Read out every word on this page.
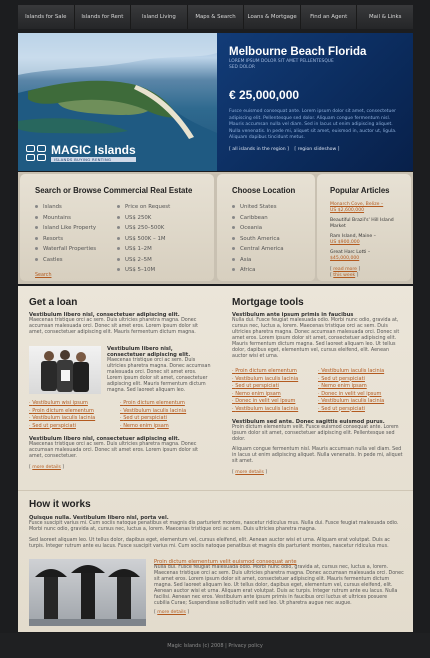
Islands for Sale	Islands for Rent	Island Living	Maps & Search	Loans & Mortgage	Find an Agent	Mail & Links
MAGIC Islands
ISLANDS BUYING RENTING
Melbourne Beach Florida
LOREM IPSUM DOLOR SIT AMET PELLENTESQUE
SED DOLOR
€ 25,000,000
Fusce euismod consequat ante. Lorem ipsum dolor sit amet, consectetuer adipiscing elit. Pellentesque sed dolor. Aliquam congue fermentum nisl. Mauris accumsan nulla vel diam. Sed in lacus ut enim adipiscing aliquet. Nulla venenatis. In pede mi, aliquet sit amet, euismod in, auctor ut, ligula. Aliquam dapibus tincidunt metus.
[ all islands in the region ] [ region slideshow ]
Search or Browse Commercial Real Estate
Islands
Mountains
Island Like Property
Resorts
Waterfall Properties
Castles
Price on Request
US$ 250K
US$ 250–500K
US$ 500K – 1M
US$ 1–2M
US$ 2–5M
US$ 5–10M
Search
Choose Location
United States
Caribbean
Oceania
South America
Central America
Asia
Africa
Popular Articles
Monarch Cove, Belize –
US $2,600,000
Beautiful Brazil's' Hill Island Market
Ram Island, Maine –
US $900,000
Great Harc Lotti – $45,000,000
[ read more ] [ this week ]
Get a loan
Vestibulum libero nisl, consectetuer adipiscing elit.
Maecenas tristique orci ac sem. Duis ultricies pharetra magna. Donec accumsan malesuada orci. Donec sit amet eros. Lorem ipsum dolor sit amet, consectetuer adipiscing elit. Mauris fermentum dictum magna.
Vestibulum libero nisl, consectetuer adipiscing elit.
Maecenas tristique orci ac sem. Duis ultricies pharetra magna. Donec accumsan malesuada orci. Donec sit amet eros. Lorem ipsum dolor sit amet, consectetuer adipiscing elit. Mauris fermentum dictum magna. Sed laoreet aliquam leo.
· Vestibulum wisi ipsum
· Proin dictum elementum
· Vestibulum iaculis lacinia
· Sed ut perspiciati
· Proin dictum elementum
· Vestibulum iaculis lacinia
· Sed ut perspiciati
· Nemo enim ipsam
Vestibulum libero nisl, consectetuer adipiscing elit.
Maecenas tristique orci ac sem. Duis ultricies pharetra magna. Donec accumsan malesuada orci. Donec sit amet eros. Lorem ipsum dolor sit amet, consectetuer.
[ more details ]
Mortgage tools
Vestibulum ante ipsum primis in faucibus
Nulla dui. Fusce feugiat malesuada odio. Morbi nunc odio, gravida at, cursus nec, luctus a, lorem. Maecenas tristique orci ac sem. Duis ultricies pharetra magna. Donec accumsan malesuada orci. Donec sit amet eros. Lorem ipsum dolor sit amet, consectetuer adipiscing elit. Mauris fermentum dictum magna. Sed laoreet aliquam leo. Ut tellus dolor, dapibus eget, elementum vel, cursus eleifend, elit. Aenean auctor wisi et urna.
· Proin dictum elementum
· Vestibulum iaculis lacinia
· Sed ut perspiciati
· Nemo enim ipsam
· Donec in velit vel ipsum
· Vestibulum iaculis lacinia
· Vestibulum iaculis lacinia
· Sed ut perspiciati
· Nemo enim ipsam
· Donec in velit vel ipsum
· Vestibulum iaculis lacinia
· Sed ut perspiciati
Vestibulum sed ante. Donec sagittis euismod purus.
Proin dictum elementum velit. Fusce euismod consequat ante. Lorem ipsum dolor sit amet, consectetuer adipiscing elit. Pellentesque sed dolor.
Aliquam congue fermentum nisl. Mauris accumsan nulla vel diam. Sed in lacus ut enim adipiscing aliquet. Nulla venenatis. In pede mi, aliquet sit amet.
[ more details ]
How it works
Quisque nulla. Vestibulum libero nisl, porta vel.
Fusce suscipit varius mi. Cum sociis natoque penatibus et magnis dis parturient montes, nascetur ridiculus mus. Nulla dui. Fusce feugiat malesuada odio. Morbi nunc odio, gravida at, cursus nec, luctus a, lorem. Maecenas tristique orci ac sem. Duis ultricies pharetra magna.
Sed laoreet aliquam leo. Ut tellus dolor, dapibus eget, elementum vel, cursus eleifend, elit. Aenean auctor wisi et urna. Aliquam erat volutpat. Duis ac turpis. Integer rutrum ante eu lacus. Fusce suscipit varius mi. Cum sociis natoque penatibus et magnis dis parturient montes, nascetur ridiculus mus.
Proin dictum elementum velit euismod consequat ante
Nulla dui. Fusce feugiat malesuada odio. Morbi nunc odio, gravida at, cursus nec, luctus a, lorem. Maecenas tristique orci ac sem. Duis ultricies pharetra magna. Donec accumsan malesuada orci. Donec sit amet eros. Lorem ipsum dolor sit amet, consectetuer adipiscing elit. Mauris fermentum dictum magna. Sed laoreet aliquam leo. Ut tellus dolor, dapibus eget, elementum vel, cursus eleifend, elit. Aenean auctor wisi et urna. Aliquam erat volutpat. Duis ac turpis. Integer rutrum ante eu lacus. Nulla facilisi. Aenean nec eros. Vestibulum ante ipsum primis in faucibus orci luctus et ultrices posuere cubilia Curae; Suspendisse sollicitudin velit sed leo. Ut pharetra augue nec augue.
[ more details ]
Magic Islands (c) 2008 | Privacy policy
